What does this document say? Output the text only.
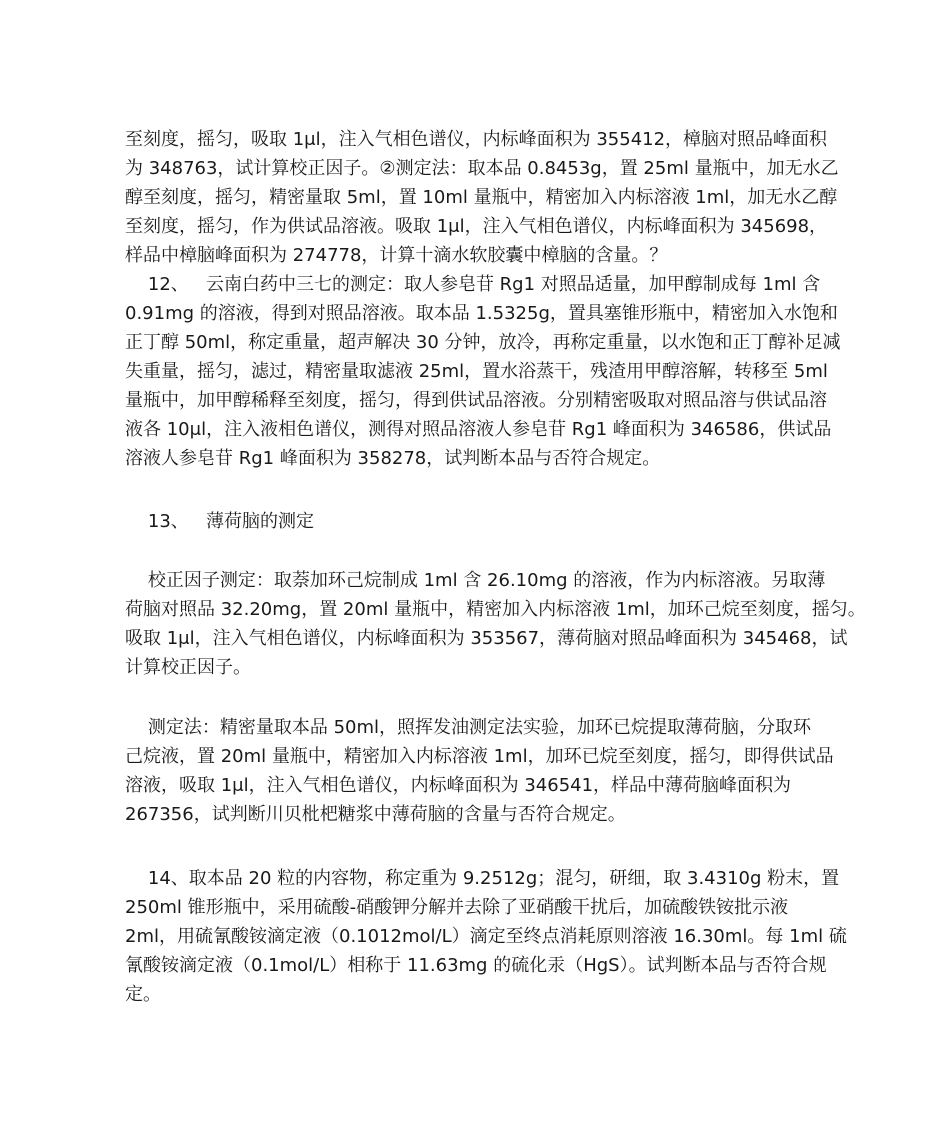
至刻度，摇匀，吸取 1μl，注入气相色谱仪，内标峰面积为 355412，樟脑对照品峰面积
为 348763，试计算校正因子。②测定法：取本品 0.8453g，置 25ml 量瓶中，加无水乙
醇至刻度，摇匀，精密量取 5ml，置 10ml 量瓶中，精密加入内标溶液 1ml，加无水乙醇
至刻度，摇匀，作为供试品溶液。吸取 1μl，注入气相色谱仪，内标峰面积为 345698，
样品中樟脑峰面积为 274778，计算十滴水软胶囊中樟脑的含量。？
12、   云南白药中三七的测定：取人参皂苷 Rg1 对照品适量，加甲醇制成每 1ml 含
0.91mg 的溶液，得到对照品溶液。取本品 1.5325g，置具塞锥形瓶中，精密加入水饱和
正丁醇 50ml，称定重量，超声解决 30 分钟，放冷，再称定重量，以水饱和正丁醇补足减
失重量，摇匀，滤过，精密量取滤液 25ml，置水浴蒸干，残渣用甲醇溶解，转移至 5ml
量瓶中，加甲醇稀释至刻度，摇匀，得到供试品溶液。分别精密吸取对照品溶与供试品溶
液各 10μl，注入液相色谱仪，测得对照品溶液人参皂苷 Rg1 峰面积为 346586，供试品
溶液人参皂苷 Rg1 峰面积为 358278，试判断本品与否符合规定。
13、   薄荷脑的测定
校正因子测定：取萘加环己烷制成 1ml 含 26.10mg 的溶液，作为内标溶液。另取薄
荷脑对照品 32.20mg，置 20ml 量瓶中，精密加入内标溶液 1ml，加环己烷至刻度，摇匀。
吸取 1μl，注入气相色谱仪，内标峰面积为 353567，薄荷脑对照品峰面积为 345468，试
计算校正因子。
测定法：精密量取本品 50ml，照挥发油测定法实验，加环已烷提取薄荷脑，分取环
己烷液，置 20ml 量瓶中，精密加入内标溶液 1ml，加环已烷至刻度，摇匀，即得供试品
溶液，吸取 1μl，注入气相色谱仪，内标峰面积为 346541，样品中薄荷脑峰面积为
267356，试判断川贝枇杷糖浆中薄荷脑的含量与否符合规定。
14、取本品 20 粒的内容物，称定重为 9.2512g；混匀，研细，取 3.4310g 粉末，置
250ml 锥形瓶中，采用硫酸-硝酸钾分解并去除了亚硝酸干扰后，加硫酸铁铵批示液
2ml，用硫氰酸铵滴定液（0.1012mol/L）滴定至终点消耗原则溶液 16.30ml。每 1ml 硫
氰酸铵滴定液（0.1mol/L）相称于 11.63mg 的硫化汞（HgS）。试判断本品与否符合规
定。
